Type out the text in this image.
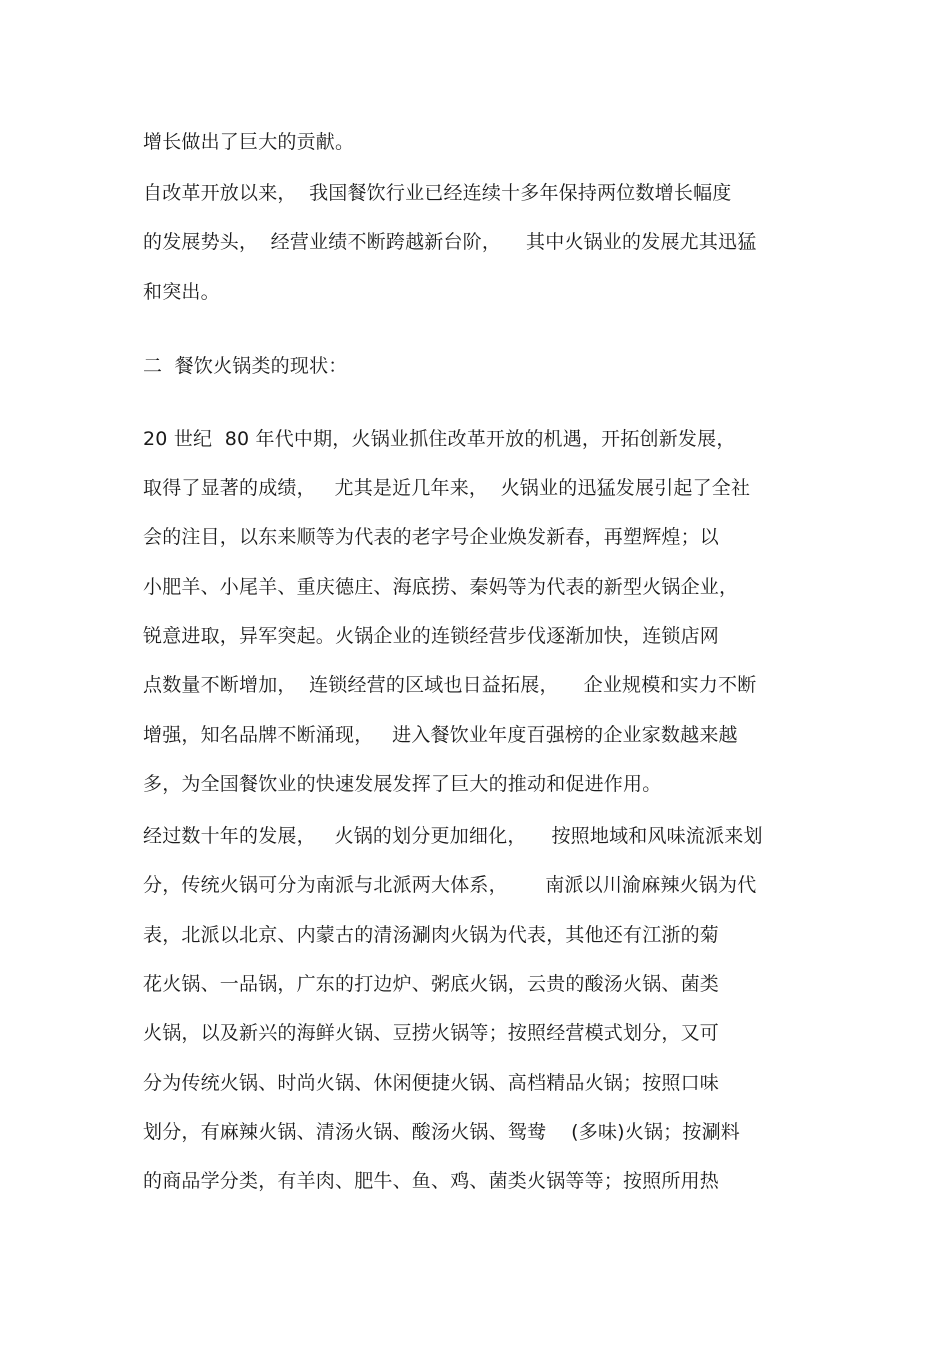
增长做出了巨大的贡献。
自改革开放以来，  我国餐饮行业已经连续十多年保持两位数增长幅度
的发展势头，  经营业绩不断跨越新台阶，    其中火锅业的发展尤其迅猛
和突出。
二  餐饮火锅类的现状：
20 世纪  80 年代中期，火锅业抓住改革开放的机遇，开拓创新发展，
取得了显著的成绩，   尤其是近几年来，  火锅业的迅猛发展引起了全社
会的注目，以东来顺等为代表的老字号企业焕发新春，再塑辉煌；以
小肥羊、小尾羊、重庆德庄、海底捞、秦妈等为代表的新型火锅企业，
锐意进取，异军突起。火锅企业的连锁经营步伐逐渐加快，连锁店网
点数量不断增加，  连锁经营的区域也日益拓展，    企业规模和实力不断
增强，知名品牌不断涌现，   进入餐饮业年度百强榜的企业家数越来越
多，为全国餐饮业的快速发展发挥了巨大的推动和促进作用。
经过数十年的发展，   火锅的划分更加细化，    按照地域和风味流派来划
分，传统火锅可分为南派与北派两大体系，      南派以川渝麻辣火锅为代
表，北派以北京、内蒙古的清汤涮肉火锅为代表，其他还有江浙的菊
花火锅、一品锅，广东的打边炉、粥底火锅，云贵的酸汤火锅、菌类
火锅，以及新兴的海鲜火锅、豆捞火锅等；按照经营模式划分，又可
分为传统火锅、时尚火锅、休闲便捷火锅、高档精品火锅；按照口味
划分，有麻辣火锅、清汤火锅、酸汤火锅、鸳鸯    (多味)火锅；按涮料
的商品学分类，有羊肉、肥牛、鱼、鸡、菌类火锅等等；按照所用热
